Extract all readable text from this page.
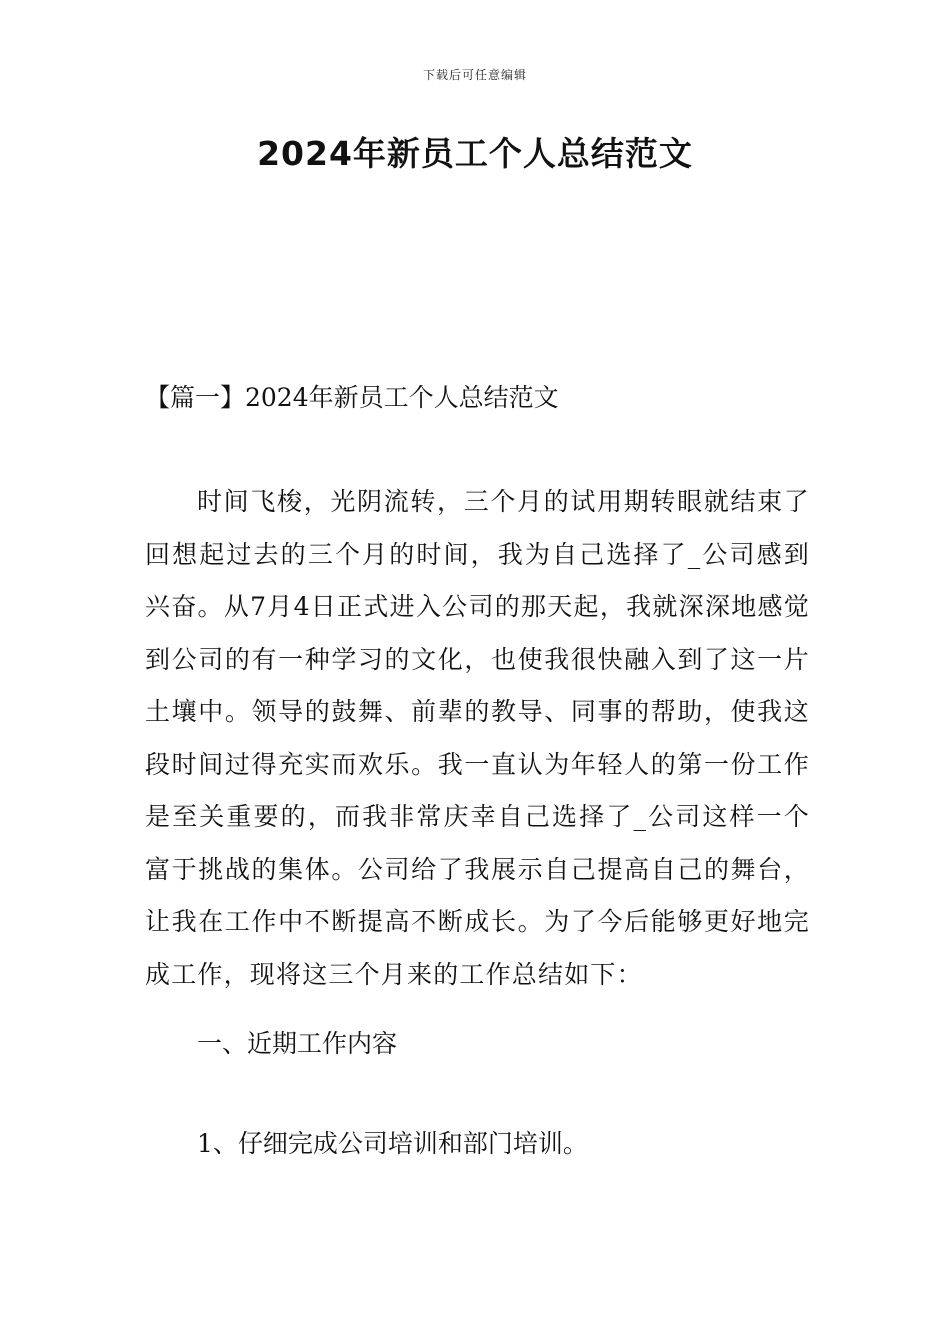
下载后可任意编辑
2024年新员工个人总结范文
【篇一】2024年新员工个人总结范文

时间飞梭，光阴流转，三个月的试用期转眼就结束了回想起过去的三个月的时间，我为自己选择了_公司感到兴奋。从7月4日正式进入公司的那天起，我就深深地感觉到公司的有一种学习的文化，也使我很快融入到了这一片土壤中。领导的鼓舞、前辈的教导、同事的帮助，使我这段时间过得充实而欢乐。我一直认为年轻人的第一份工作是至关重要的，而我非常庆幸自己选择了_公司这样一个富于挑战的集体。公司给了我展示自己提高自己的舞台，让我在工作中不断提高不断成长。为了今后能够更好地完成工作，现将这三个月来的工作总结如下：

一、近期工作内容
1、仔细完成公司培训和部门培训。
